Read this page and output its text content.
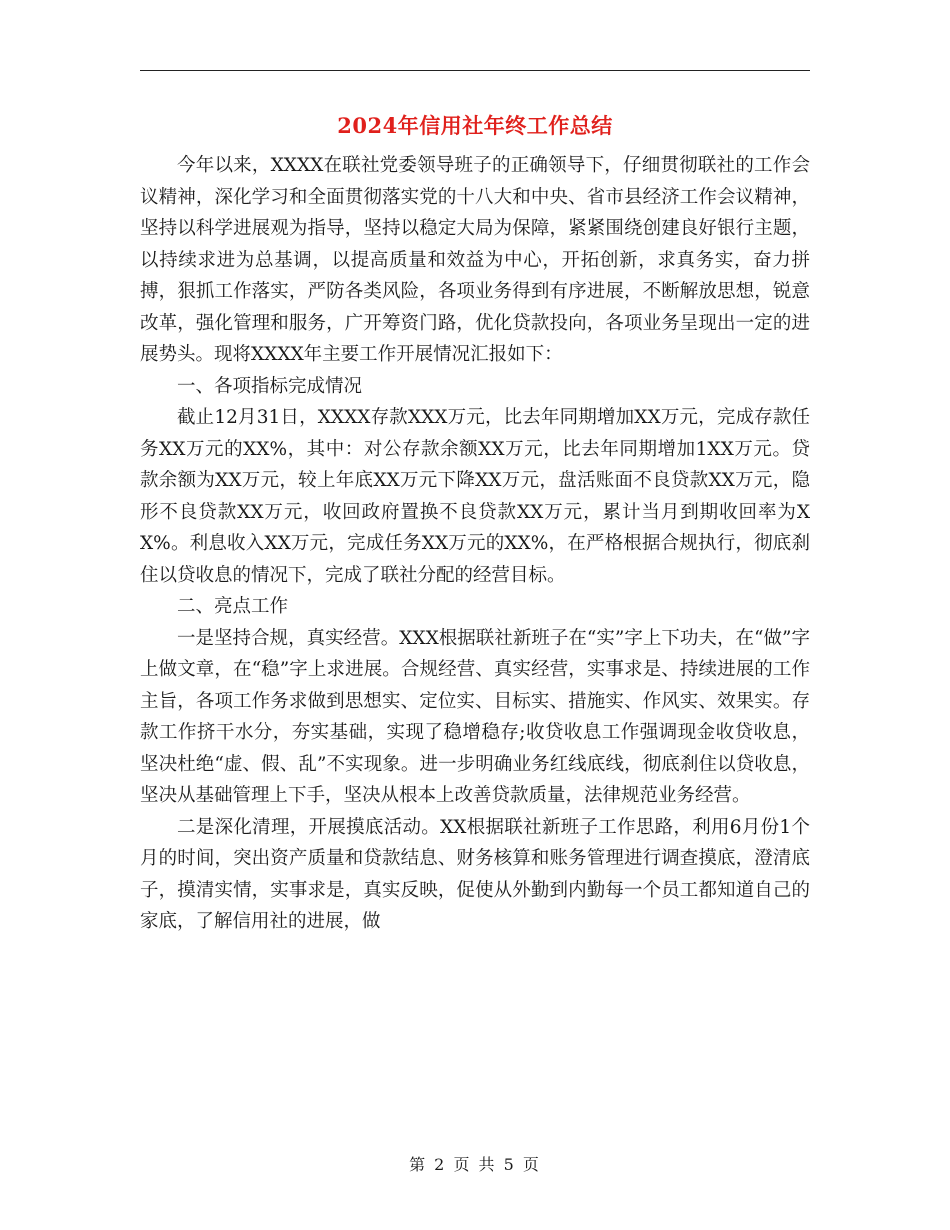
2024年信用社年终工作总结

今年以来，XXXX在联社党委领导班子的正确领导下，仔细贯彻联社的工作会议精神，深化学习和全面贯彻落实党的十八大和中央、省市县经济工作会议精神，坚持以科学进展观为指导，坚持以稳定大局为保障，紧紧围绕创建良好银行主题，以持续求进为总基调，以提高质量和效益为中心，开拓创新，求真务实，奋力拼搏，狠抓工作落实，严防各类风险，各项业务得到有序进展，不断解放思想，锐意改革，强化管理和服务，广开筹资门路，优化贷款投向，各项业务呈现出一定的进展势头。现将XXXX年主要工作开展情况汇报如下：

一、各项指标完成情况

截止12月31日，XXXX存款XXX万元，比去年同期增加XX万元，完成存款任务XX万元的XX%，其中：对公存款余额XX万元，比去年同期增加1XX万元。贷款余额为XX万元，较上年底XX万元下降XX万元，盘活账面不良贷款XX万元，隐形不良贷款XX万元，收回政府置换不良贷款XX万元，累计当月到期收回率为XX%。利息收入XX万元，完成任务XX万元的XX%，在严格根据合规执行，彻底刹住以贷收息的情况下，完成了联社分配的经营目标。

二、亮点工作

一是坚持合规，真实经营。XXX根据联社新班子在“实”字上下功夫，在“做”字上做文章，在“稳”字上求进展。合规经营、真实经营，实事求是、持续进展的工作主旨，各项工作务求做到思想实、定位实、目标实、措施实、作风实、效果实。存款工作挤干水分，夯实基础，实现了稳增稳存;收贷收息工作强调现金收贷收息，坚决杜绝“虚、假、乱”不实现象。进一步明确业务红线底线，彻底刹住以贷收息，坚决从基础管理上下手，坚决从根本上改善贷款质量，法律规范业务经营。

二是深化清理，开展摸底活动。XX根据联社新班子工作思路，利用6月份1个月的时间，突出资产质量和贷款结息、财务核算和账务管理进行调查摸底，澄清底子，摸清实情，实事求是，真实反映，促使从外勤到内勤每一个员工都知道自己的家底，了解信用社的进展，做

第 2 页 共 5 页
